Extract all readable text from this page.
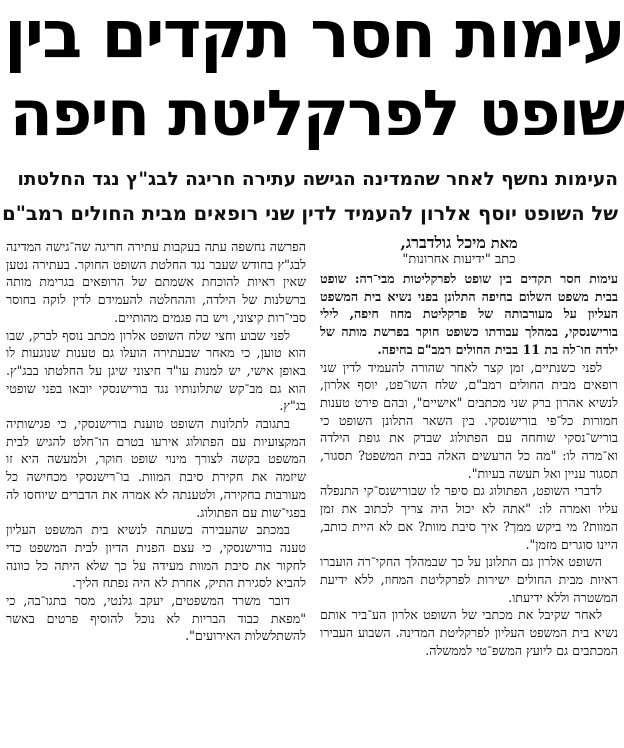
עימות חסר תקדים בין
שופט לפרקליטת חיפה
העימות נחשף לאחר שהמדינה הגישה עתירה חריגה לבג"ץ נגד החלטתו
של השופט יוסף אלרון להעמיד לדין שני רופאים מבית החולים רמב"ם
מאת מיכל גולדברג,
כתב "ידיעות אחרונות"

עימות חסר תקדים בין שופט לפרקליטות מבי־רה: שופט בבית משפט השלום בחיפה התלונן בפני נשיא בית המשפט העליון על מעורבותה של פרקליטת מחוז חיפה, לילי בורישנסקי, במהלך עבודתו כשופט חוקר בפרשת מותה של ילדה חו־לה בת 11 בבית החולים רמב"ם בחיפה.

לפני כשנתיים, זמן קצר לאחר שהורה להעמיד לדין שני רופאים מבית החולים רמב"ם, שלח השו־פט, יוסף אלרון, לנשיא אהרון ברק שני מכתבים "אישיים", ובהם פירט טענות חמורות כל־פי בורישנסקי. בין השאר התלונן השופט כי בוריש־נסקי שוחחה עם הפתולוג שבדק את גופת הילדה וא־מרה לו: "מה כל הרעשים האלה בבית המשפט? תסגור, תסגור עניין ואל תעשה בעיות".

לדברי השופט, הפתולוג גם סיפר לו שבורישנס־קי התנפלה עליו ואמרה לו: "אתה לא יכול היה צריך לכתוב את זמן המוות? מי ביקש ממך? איך סיבת מוות? אם לא היית כותב, היינו סוגרים מזמן".

השופט אלרון גם התלונן על כך שבמהלך החקי־רה הועברו ראיות מבית החולים ישירות לפרקליטת המחוז, ללא ידיעת המשטרה וללא ידיעתו.

לאחר שקיבל את מכתבי של השופט אלרון הע־ביר אותם נשיא בית המשפט העליון לפרקליטת המדינה. השבוע העבירו המכתבים גם ליועץ המשפ־טי לממשלה.

הפרשה נחשפה עתה בעקבות עתירה חריגה שה־גישה המדינה לבג"ץ בחודש שעבר נגד החלטת השופט החוקר. בעתירה נטען שאין ראיות להוכחת אשמתם של הרופאים בגרימת מותה ברשלנות של הילדה, וההחלטה להעמידם לדין לוקה בחוסר סבי־רות קיצוני, ויש בה פגמים מהותיים.

לפני שבוע וחצי שלח השופט אלרון מכתב נוסף לברק, שבו הוא טוען, כי מאחר שבעתירה הועלו גם טענות שנוגעות לו באופן אישי, יש למנות עו"ד חיצוני שיגן על החלטתו בבג"ץ. הוא גם מב־קש שתלונותיו נגד בורישנסקי יובאו בפני שופטי בג"ץ.

בתגובה לתלונות השופט טוענת בורישנסקי, כי פגישותיה המקצועיות עם הפתולוג אירעו בטרם הו־חלט להגיש לבית המשפט בקשה לצורך מינוי שופט חוקר, ולמעשה היא זו שיזמה את חקירת סיבת המוות. בו־רישנסקי מכחישה כל מעורבות בחקירה, ולטענתה לא אמרה את הדברים שיוחסו לה בפגי־שות עם הפתולוג.

במכתב שהעבירה בשעתה לנשיא בית המשפט העליון טענה בורישנסקי, כי עצם הפנית הדיון לבית המשפט כדי לחקור את סיבת המוות מעידה על כך שלא היתה כל כוונה להביא לסגירת התיק, אחרת לא היה נפתח הליך.

דובר משרד המשפטים, יעקב גלנטי, מסר בתגו־בה, כי "מפאת כבוד הבריות לא נוכל להוסיף פרטים באשר להשתלשלות האירועים".
